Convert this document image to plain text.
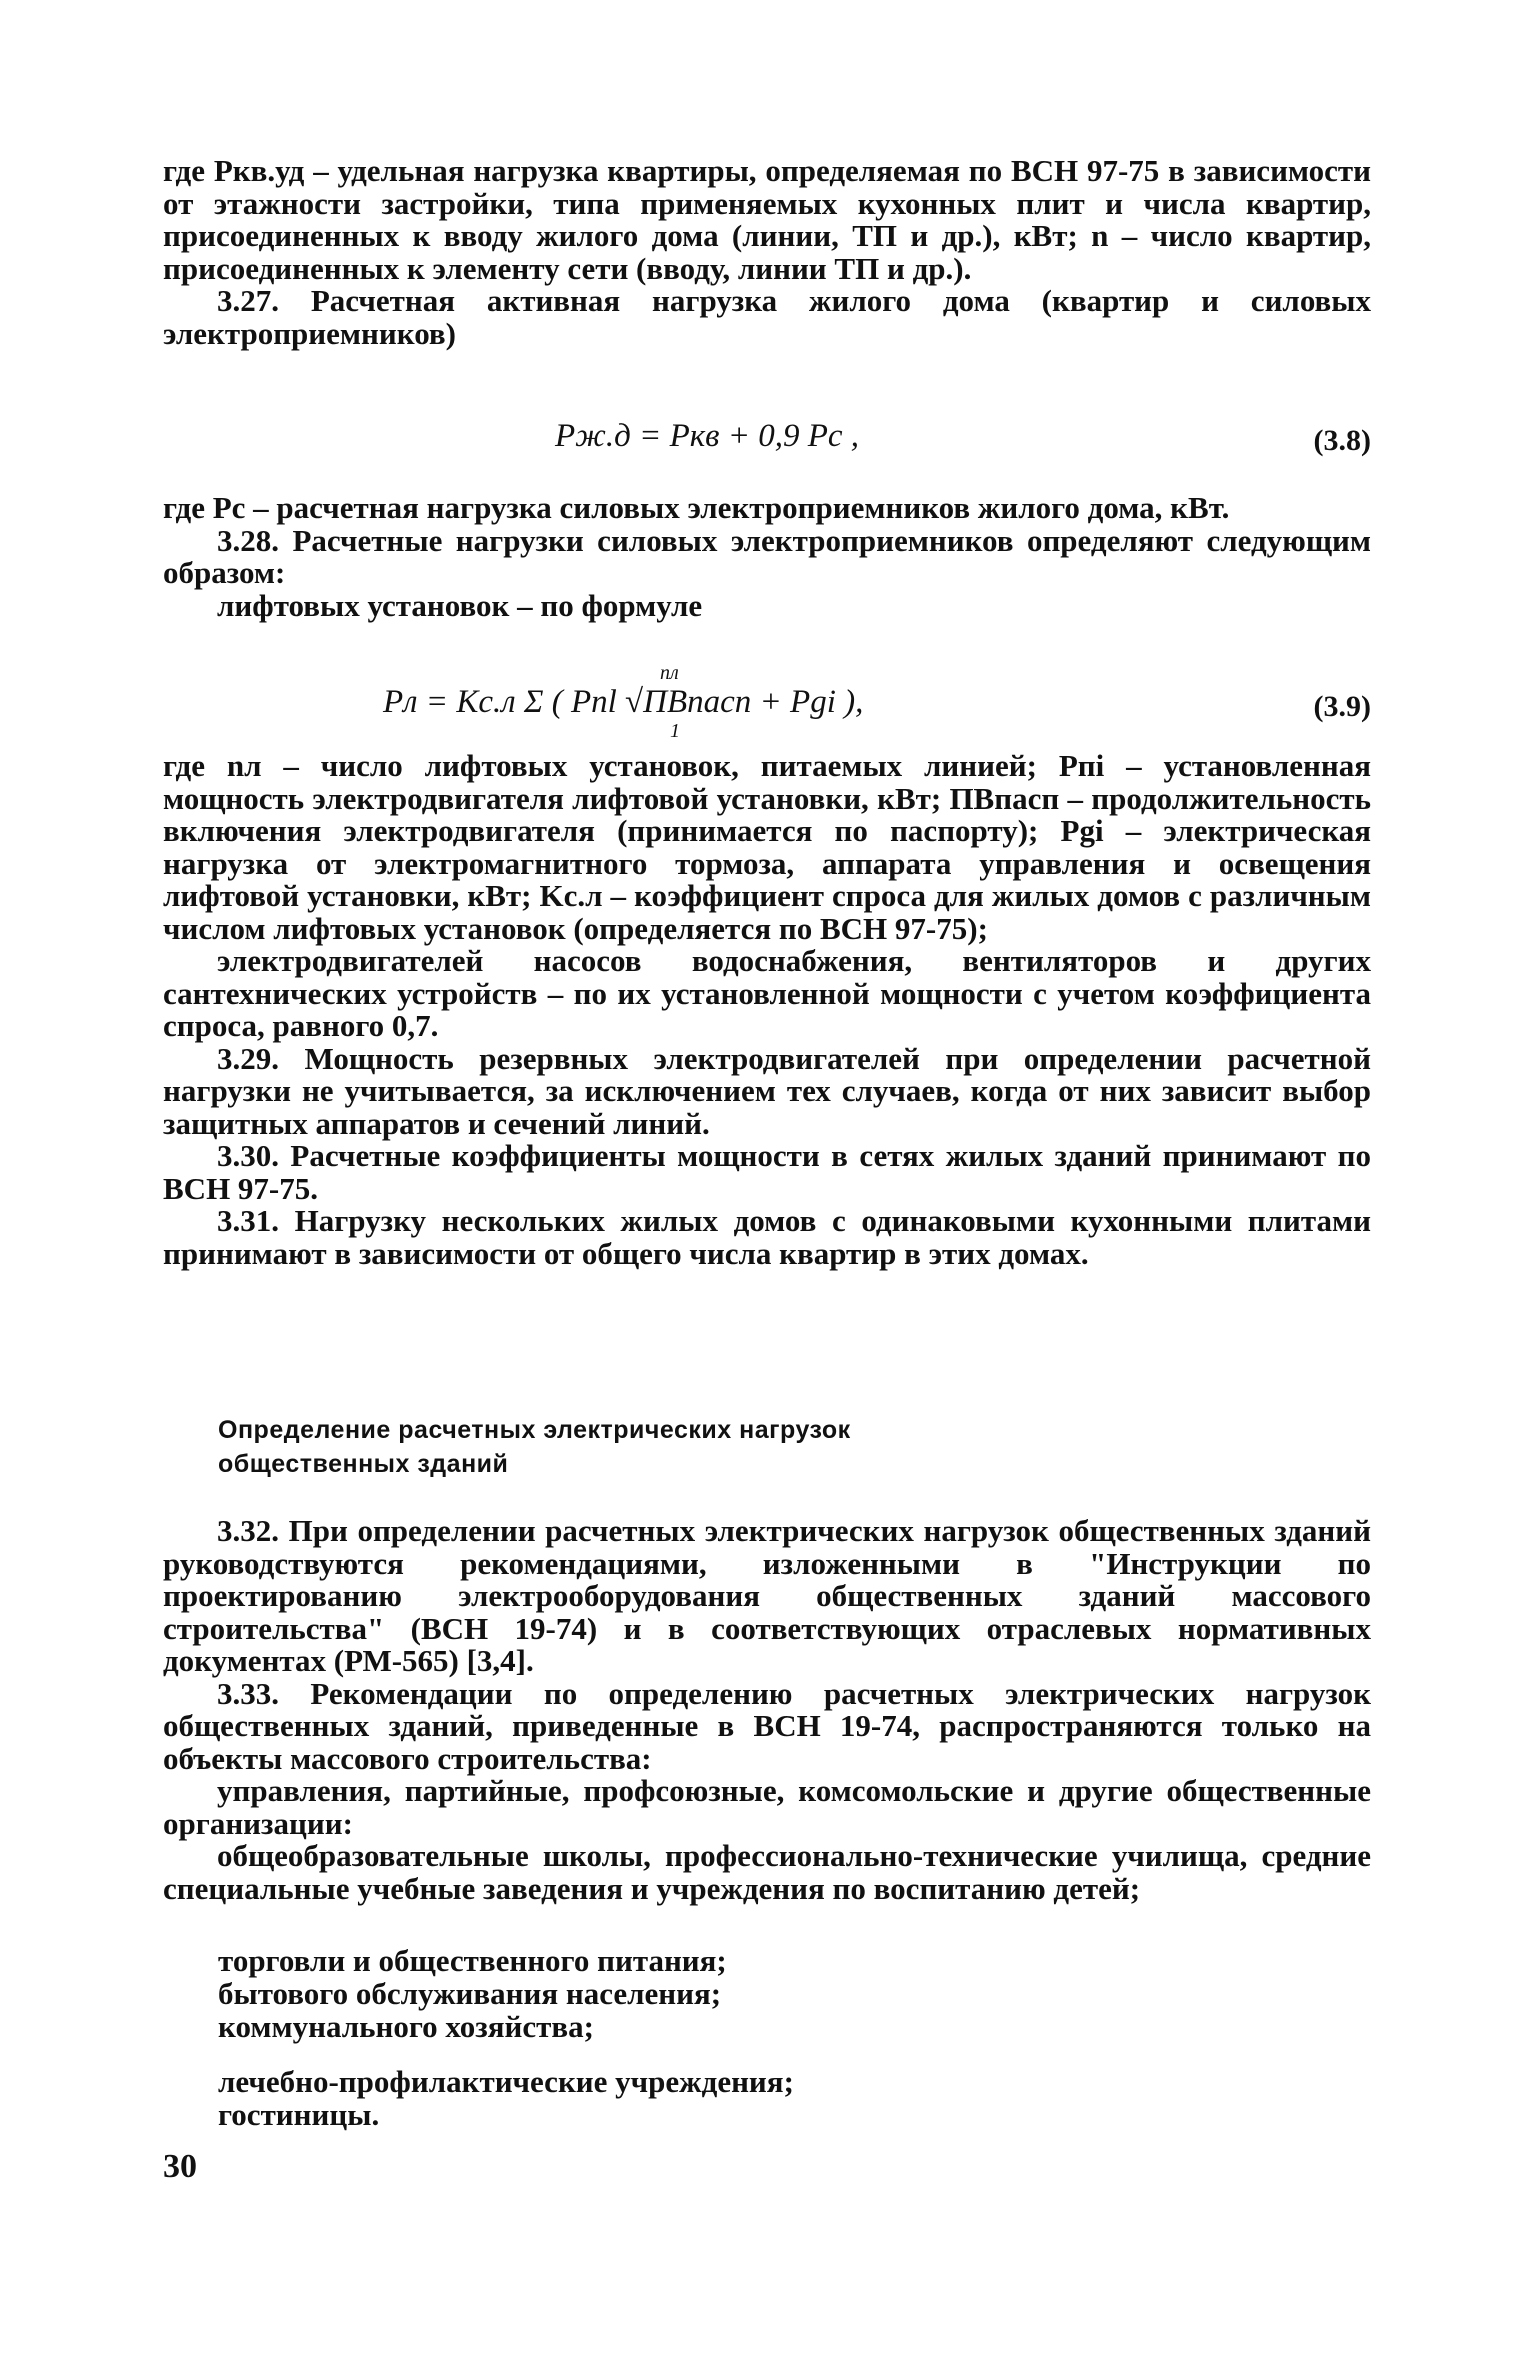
где Pкв.уд – удельная нагрузка квартиры, определяемая по ВСН 97-75 в зависимости от этажности застройки, типа применяемых кухонных плит и числа квартир, присоединенных к вводу жилого дома (линии, ТП и др.), кВт; n – число квартир, присоединенных к элементу сети (вводу, линии ТП и др.).

3.27. Расчетная активная нагрузка жилого дома (квартир и силовых электроприемников)

Pж.д = Pкв + 0,9 Pс ,	(3.8)

где Pс – расчетная нагрузка силовых электроприемников жилого дома, кВт.

3.28. Расчетные нагрузки силовых электроприемников определяют следующим образом:

лифтовых установок – по формуле

nл
1
Pл = Kс.л Σ ( Pnl √ПВпасп + Pgi ),	(3.9)

где nл – число лифтовых установок, питаемых линией; Pпi – установленная мощность электродвигателя лифтовой установки, кВт; ПВпасп – продолжительность включения электродвигателя (принимается по паспорту); Pgi – электрическая нагрузка от электромагнитного тормоза, аппарата управления и освещения лифтовой установки, кВт; Kс.л – коэффициент спроса для жилых домов с различным числом лифтовых установок (определяется по ВСН 97-75);

электродвигателей насосов водоснабжения, вентиляторов и других сантехнических устройств – по их установленной мощности с учетом коэффициента спроса, равного 0,7.

3.29. Мощность резервных электродвигателей при определении расчетной нагрузки не учитывается, за исключением тех случаев, когда от них зависит выбор защитных аппаратов и сечений линий.

3.30. Расчетные коэффициенты мощности в сетях жилых зданий принимают по ВСН 97-75.

3.31. Нагрузку нескольких жилых домов с одинаковыми кухонными плитами принимают в зависимости от общего числа квартир в этих домах.

Определение расчетных электрических нагрузок
общественных зданий

3.32. При определении расчетных электрических нагрузок общественных зданий руководствуются рекомендациями, изложенными в "Инструкции по проектированию электрооборудования общественных зданий массового строительства" (ВСН 19-74) и в соответствующих отраслевых нормативных документах (РМ-565) [3,4].

3.33. Рекомендации по определению расчетных электрических нагрузок общественных зданий, приведенные в ВСН 19-74, распространяются только на объекты массового строительства:

управления, партийные, профсоюзные, комсомольские и другие общественные организации:

общеобразовательные школы, профессионально-технические училища, средние специальные учебные заведения и учреждения по воспитанию детей;

торговли и общественного питания;
бытового обслуживания населения;
коммунального хозяйства;
лечебно-профилактические учреждения;
гостиницы.
30
